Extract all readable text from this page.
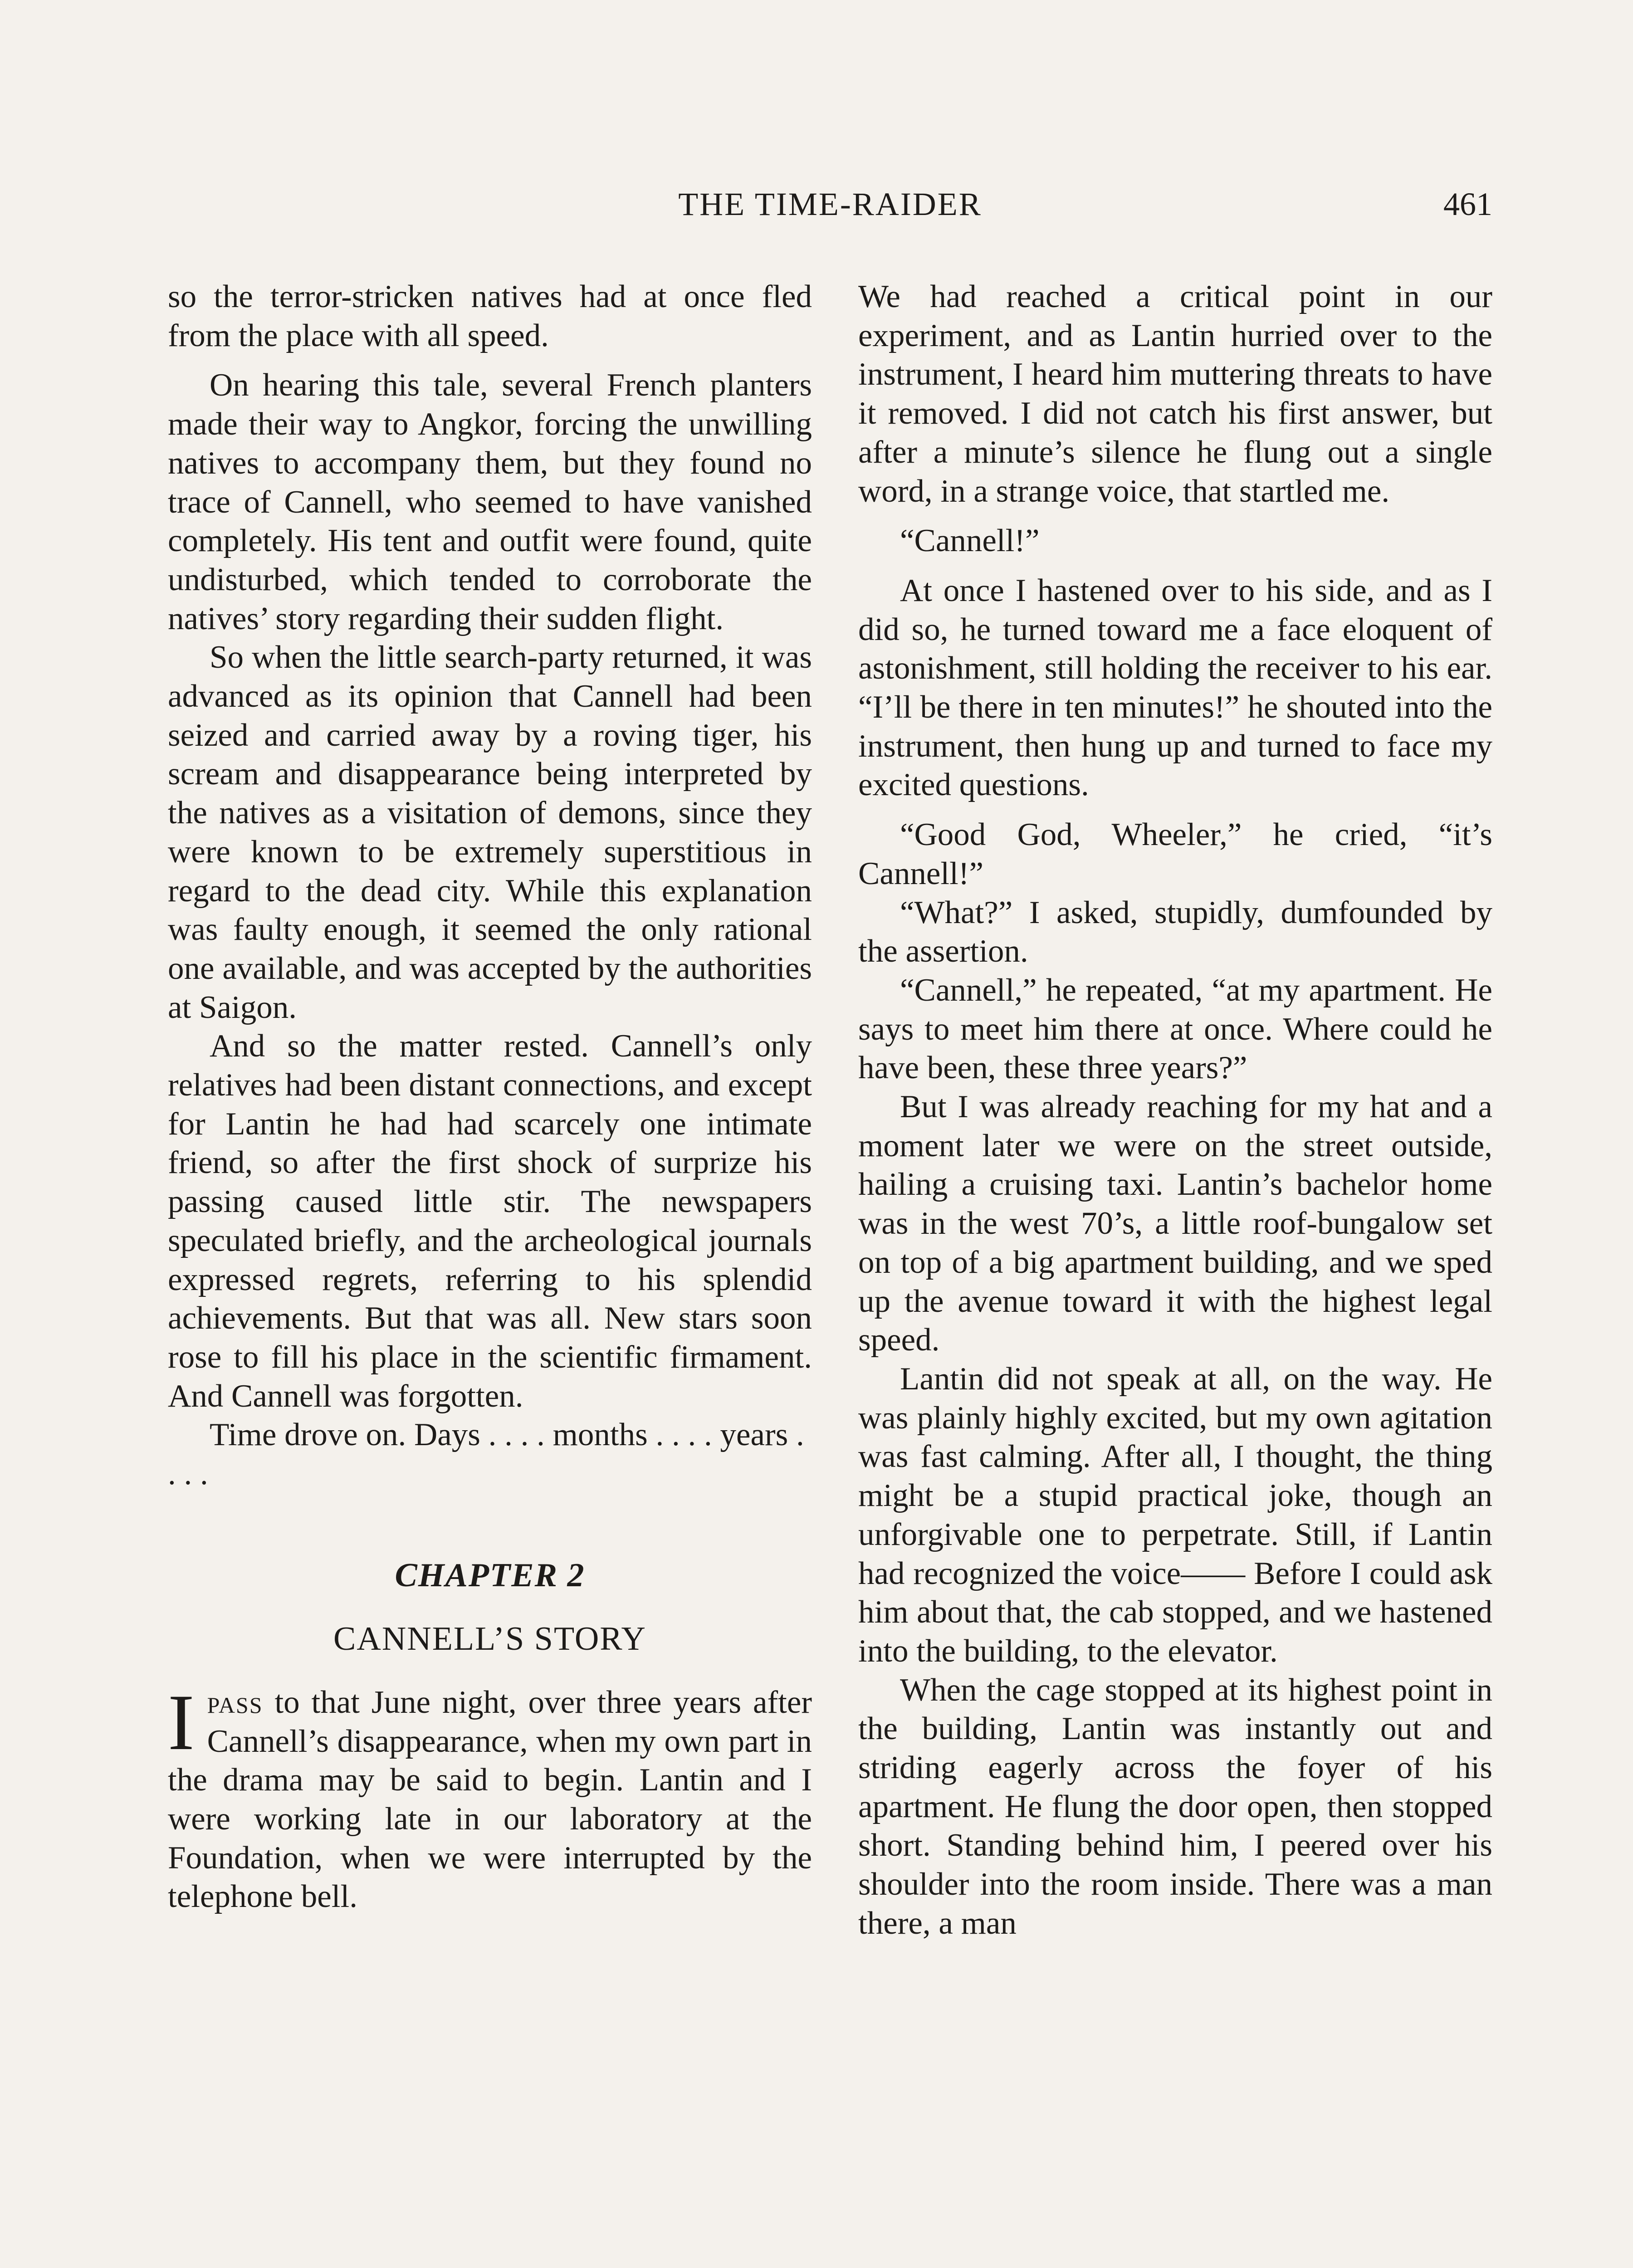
THE TIME-RAIDER	461

so the terror-stricken natives had at once fled from the place with all speed.

On hearing this tale, several French planters made their way to Angkor, forcing the unwilling natives to accompany them, but they found no trace of Cannell, who seemed to have vanished completely. His tent and outfit were found, quite undisturbed, which tended to corroborate the natives’ story regarding their sudden flight.

So when the little search-party returned, it was advanced as its opinion that Cannell had been seized and carried away by a roving tiger, his scream and disappearance being interpreted by the natives as a visitation of demons, since they were known to be extremely superstitious in regard to the dead city. While this explanation was faulty enough, it seemed the only rational one available, and was accepted by the authorities at Saigon.

And so the matter rested. Cannell’s only relatives had been distant connections, and except for Lantin he had had scarcely one intimate friend, so after the first shock of surprize his passing caused little stir. The newspapers speculated briefly, and the archeological journals expressed regrets, referring to his splendid achievements. But that was all. New stars soon rose to fill his place in the scientific firmament. And Cannell was forgotten.

Time drove on. Days . . . . months . . . . years . . . .

CHAPTER 2
CANNELL’S STORY

Ipass to that June night, over three years after Cannell’s disappearance, when my own part in the drama may be said to begin. Lantin and I were working late in our laboratory at the Foundation, when we were interrupted by the telephone bell.

We had reached a critical point in our experiment, and as Lantin hurried over to the instrument, I heard him muttering threats to have it removed. I did not catch his first answer, but after a minute’s silence he flung out a single word, in a strange voice, that startled me.

“Cannell!”

At once I hastened over to his side, and as I did so, he turned toward me a face eloquent of astonishment, still holding the receiver to his ear. “I’ll be there in ten minutes!” he shouted into the instrument, then hung up and turned to face my excited questions.

“Good God, Wheeler,” he cried, “it’s Cannell!”

“What?” I asked, stupidly, dumfounded by the assertion.

“Cannell,” he repeated, “at my apartment. He says to meet him there at once. Where could he have been, these three years?”

But I was already reaching for my hat and a moment later we were on the street outside, hailing a cruising taxi. Lantin’s bachelor home was in the west 70’s, a little roof-bungalow set on top of a big apartment building, and we sped up the avenue toward it with the highest legal speed.

Lantin did not speak at all, on the way. He was plainly highly excited, but my own agitation was fast calming. After all, I thought, the thing might be a stupid practical joke, though an unforgivable one to perpetrate. Still, if Lantin had recognized the voice—— Before I could ask him about that, the cab stopped, and we hastened into the building, to the elevator.

When the cage stopped at its highest point in the building, Lantin was instantly out and striding eagerly across the foyer of his apartment. He flung the door open, then stopped short. Standing behind him, I peered over his shoulder into the room inside. There was a man there, a man
